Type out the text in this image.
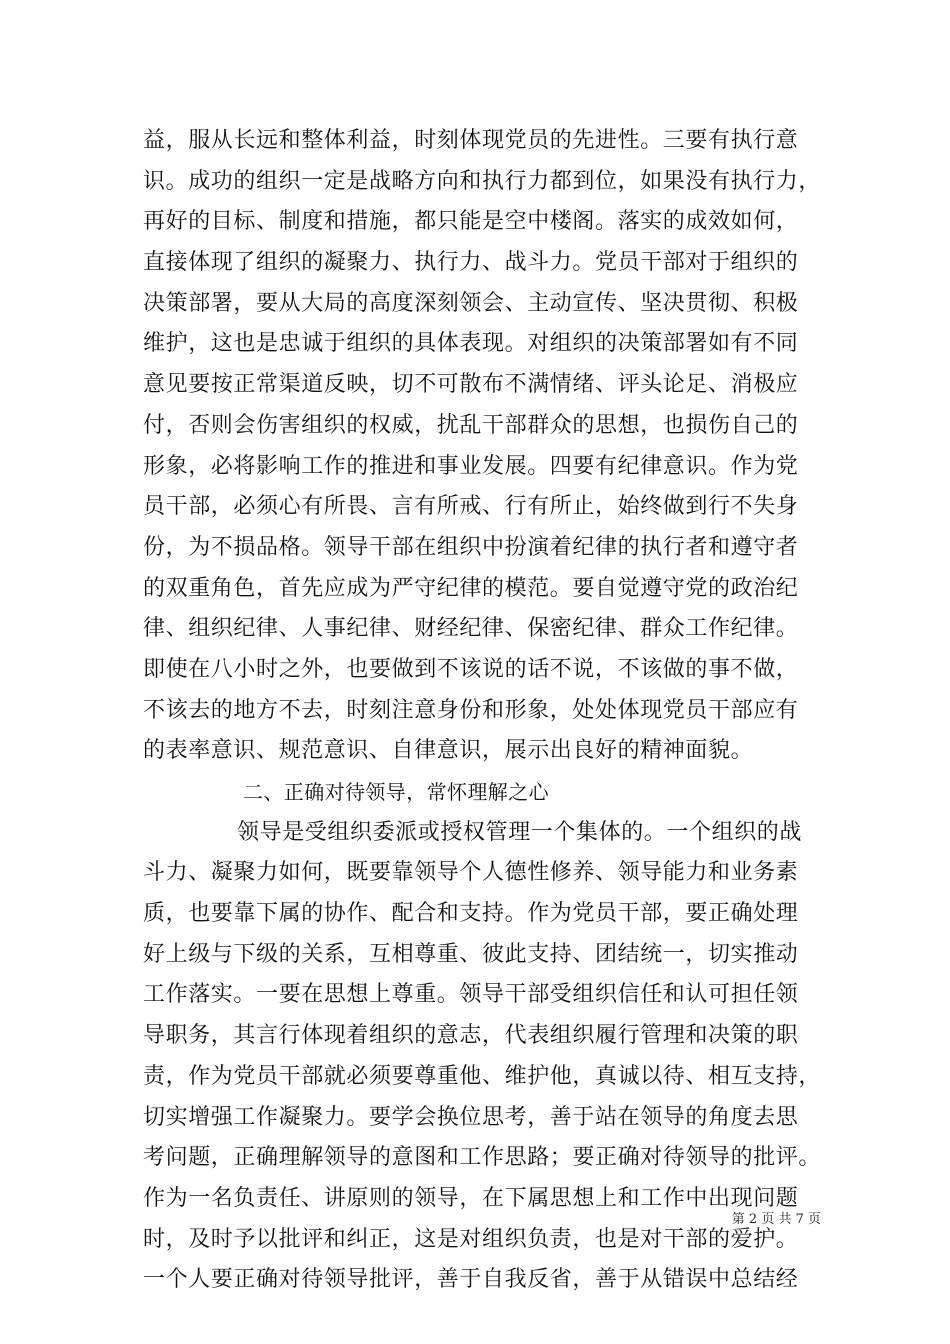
益，服从长远和整体利益，时刻体现党员的先进性。三要有执行意
识。成功的组织一定是战略方向和执行力都到位，如果没有执行力，
再好的目标、制度和措施，都只能是空中楼阁。落实的成效如何，
直接体现了组织的凝聚力、执行力、战斗力。党员干部对于组织的
决策部署，要从大局的高度深刻领会、主动宣传、坚决贯彻、积极
维护，这也是忠诚于组织的具体表现。对组织的决策部署如有不同
意见要按正常渠道反映，切不可散布不满情绪、评头论足、消极应
付，否则会伤害组织的权威，扰乱干部群众的思想，也损伤自己的
形象，必将影响工作的推进和事业发展。四要有纪律意识。作为党
员干部，必须心有所畏、言有所戒、行有所止，始终做到行不失身
份，为不损品格。领导干部在组织中扮演着纪律的执行者和遵守者
的双重角色，首先应成为严守纪律的模范。要自觉遵守党的政治纪
律、组织纪律、人事纪律、财经纪律、保密纪律、群众工作纪律。
即使在八小时之外，也要做到不该说的话不说，不该做的事不做，
不该去的地方不去，时刻注意身份和形象，处处体现党员干部应有
的表率意识、规范意识、自律意识，展示出良好的精神面貌。
二、正确对待领导，常怀理解之心
领导是受组织委派或授权管理一个集体的。一个组织的战
斗力、凝聚力如何，既要靠领导个人德性修养、领导能力和业务素
质，也要靠下属的协作、配合和支持。作为党员干部，要正确处理
好上级与下级的关系，互相尊重、彼此支持、团结统一，切实推动
工作落实。一要在思想上尊重。领导干部受组织信任和认可担任领
导职务，其言行体现着组织的意志，代表组织履行管理和决策的职
责，作为党员干部就必须要尊重他、维护他，真诚以待、相互支持，
切实增强工作凝聚力。要学会换位思考，善于站在领导的角度去思
考问题，正确理解领导的意图和工作思路；要正确对待领导的批评。
作为一名负责任、讲原则的领导，在下属思想上和工作中出现问题
时，及时予以批评和纠正，这是对组织负责，也是对干部的爱护。
一个人要正确对待领导批评，善于自我反省，善于从错误中总结经
第 2 页 共 7 页
